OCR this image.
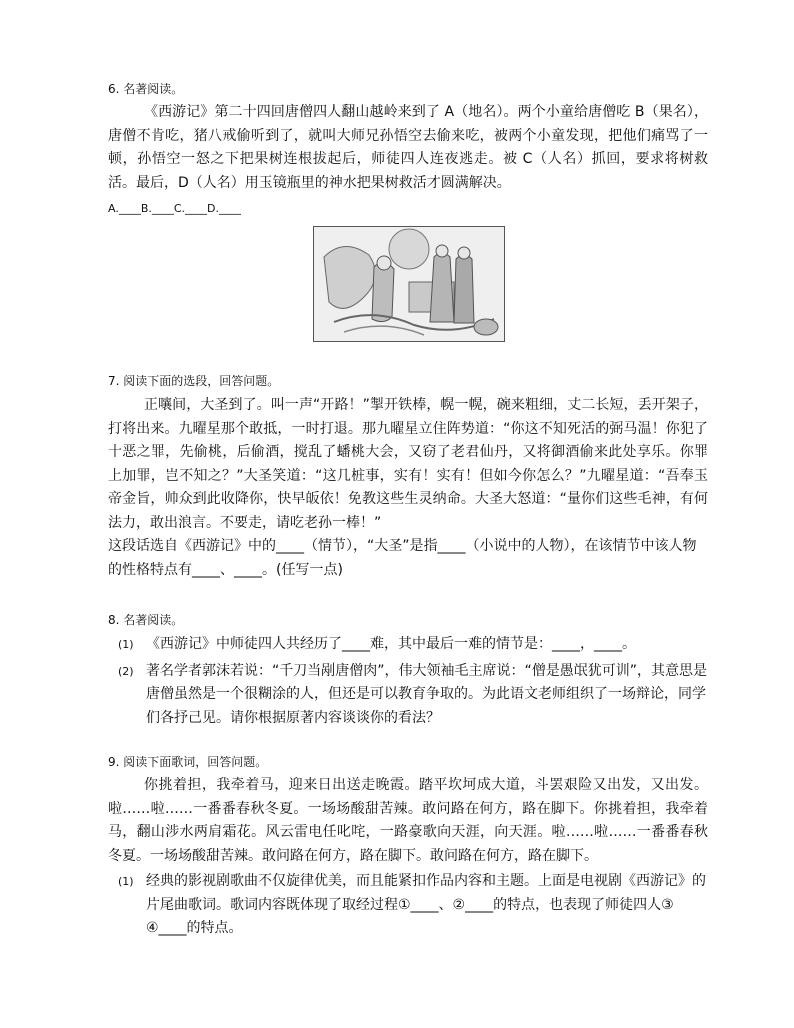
6. 名著阅读。

《西游记》第二十四回唐僧四人翻山越岭来到了 A（地名）。两个小童给唐僧吃 B（果名），唐僧不肯吃，猪八戒偷听到了，就叫大师兄孙悟空去偷来吃，被两个小童发现，把他们痛骂了一顿，孙悟空一怒之下把果树连根拔起后，师徒四人连夜逃走。被 C（人名）抓回，要求将树救活。最后，D（人名）用玉镜瓶里的神水把果树救活才圆满解决。

A.____B.____C.____D.____

7. 阅读下面的选段，回答问题。

正嚷间，大圣到了。叫一声“开路！”掣开铁棒，幌一幌，碗来粗细，丈二长短，丢开架子，打将出来。九曜星那个敢抵，一时打退。那九曜星立住阵势道：“你这不知死活的弼马温！你犯了十恶之罪，先偷桃，后偷酒，搅乱了蟠桃大会，又窃了老君仙丹，又将御酒偷来此处享乐。你罪上加罪，岂不知之？”大圣笑道：“这几桩事，实有！实有！但如今你怎么？”九曜星道：“吾奉玉帝金旨，帅众到此收降你，快早皈依！免教这些生灵纳命。大圣大怒道：“量你们这些毛神，有何法力，敢出浪言。不要走，请吃老孙一棒！”

这段话选自《西游记》中的____（情节），“大圣”是指____（小说中的人物），在该情节中该人物的性格特点有____、____。(任写一点)

8. 名著阅读。

(1) 《西游记》中师徒四人共经历了____难，其中最后一难的情节是：____，____。
(2) 著名学者郭沫若说：“千刀当剐唐僧肉”，伟大领袖毛主席说：“僧是愚氓犹可训”，其意思是唐僧虽然是一个很糊涂的人，但还是可以教育争取的。为此语文老师组织了一场辩论，同学们各抒己见。请你根据原著内容谈谈你的看法？

9. 阅读下面歌词，回答问题。

你挑着担，我牵着马，迎来日出送走晚霞。踏平坎坷成大道，斗罢艰险又出发，又出发。啦……啦……一番番春秋冬夏。一场场酸甜苦辣。敢问路在何方，路在脚下。你挑着担，我牵着马，翻山涉水两肩霜花。风云雷电任叱咤，一路豪歌向天涯，向天涯。啦……啦……一番番春秋冬夏。一场场酸甜苦辣。敢问路在何方，路在脚下。敢问路在何方，路在脚下。

(1) 经典的影视剧歌曲不仅旋律优美，而且能紧扣作品内容和主题。上面是电视剧《西游记》的片尾曲歌词。歌词内容既体现了取经过程①____、②____的特点，也表现了师徒四人③ ④____的特点。
